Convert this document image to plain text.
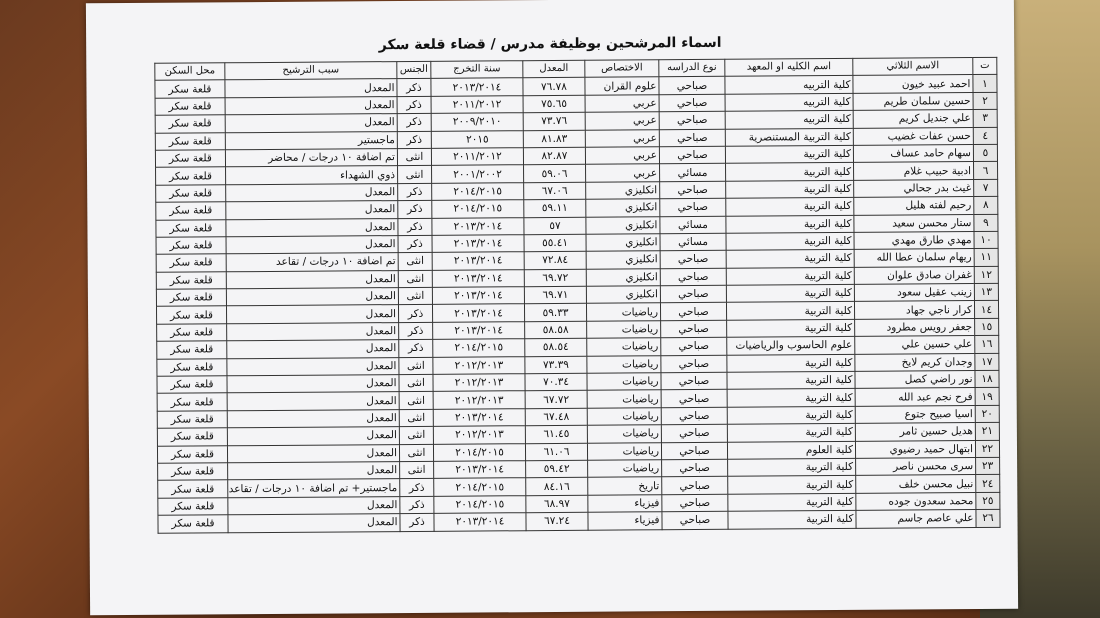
اسماء المرشحين بوظيفة مدرس / قضاء قلعة سكر
ت	الاسم الثلاثي	اسم الكليه او المعهد	نوع الدراسه	الاختصاص	المعدل	سنة التخرج	الجنس	سبب الترشيح	محل السكن
١	احمد عبيد خيون	كلية التربيه	صباحي	علوم القران	٧٦.٧٨	٢٠١٣/٢٠١٤	ذكر	المعدل	قلعة سكر
٢	حسين سلمان طريم	كلية التربيه	صباحي	عربي	٧٥.٦٥	٢٠١١/٢٠١٢	ذكر	المعدل	قلعة سكر
٣	علي جنديل كريم	كلية التربيه	صباحي	عربي	٧٣.٧٦	٢٠٠٩/٢٠١٠	ذكر	المعدل	قلعة سكر
٤	حسن عفات غضيب	كلية التربية المستنصرية	صباحي	عربي	٨١.٨٣	٢٠١٥	ذكر	ماجستير	قلعة سكر
٥	سهام حامد عساف	كلية التربية	صباحي	عربي	٨٢.٨٧	٢٠١١/٢٠١٢	انثى	تم اضافة ١٠ درجات / محاضر	قلعة سكر
٦	ادبية حبيب غلام	كلية التربية	مسائي	عربي	٥٩.٠٦	٢٠٠١/٢٠٠٢	انثى	ذوي الشهداء	قلعة سكر
٧	غيث بدر جحالي	كلية التربية	صباحي	انكليزي	٦٧.٠٦	٢٠١٤/٢٠١٥	ذكر	المعدل	قلعة سكر
٨	رحيم لفته هليل	كلية التربية	صباحي	انكليزي	٥٩.١١	٢٠١٤/٢٠١٥	ذكر	المعدل	قلعة سكر
٩	ستار محسن سعيد	كلية التربية	مسائي	انكليزي	٥٧	٢٠١٣/٢٠١٤	ذكر	المعدل	قلعة سكر
١٠	مهدي طارق مهدي	كلية التربية	مسائي	انكليزي	٥٥.٤١	٢٠١٣/٢٠١٤	ذكر	المعدل	قلعة سكر
١١	ريهام سلمان عطا الله	كلية التربية	صباحي	انكليزي	٧٢.٨٤	٢٠١٣/٢٠١٤	انثى	تم اضافة ١٠ درجات / تقاعد	قلعة سكر
١٢	غفران صادق علوان	كلية التربية	صباحي	انكليزي	٦٩.٧٢	٢٠١٣/٢٠١٤	انثى	المعدل	قلعة سكر
١٣	زينب عقيل سعود	كلية التربية	صباحي	انكليزي	٦٩.٧١	٢٠١٣/٢٠١٤	انثى	المعدل	قلعة سكر
١٤	كرار ناجي جهاد	كلية التربية	صباحي	رياضيات	٥٩.٣٣	٢٠١٣/٢٠١٤	ذكر	المعدل	قلعة سكر
١٥	جعفر رويس مطرود	كلية التربية	صباحي	رياضيات	٥٨.٥٨	٢٠١٣/٢٠١٤	ذكر	المعدل	قلعة سكر
١٦	علي حسين علي	علوم الحاسوب والرياضيات	صباحي	رياضيات	٥٨.٥٤	٢٠١٤/٢٠١٥	ذكر	المعدل	قلعة سكر
١٧	وجدان كريم لايخ	كلية التربية	صباحي	رياضيات	٧٣.٣٩	٢٠١٢/٢٠١٣	انثى	المعدل	قلعة سكر
١٨	نور راضي كصل	كلية التربية	صباحي	رياضيات	٧٠.٣٤	٢٠١٢/٢٠١٣	انثى	المعدل	قلعة سكر
١٩	فرح نجم عبد الله	كلية التربية	صباحي	رياضيات	٦٧.٧٢	٢٠١٢/٢٠١٣	انثى	المعدل	قلعة سكر
٢٠	اسيا صبيح جتوع	كلية التربية	صباحي	رياضيات	٦٧.٤٨	٢٠١٣/٢٠١٤	انثى	المعدل	قلعة سكر
٢١	هديل حسين ثامر	كلية التربية	صباحي	رياضيات	٦١.٤٥	٢٠١٢/٢٠١٣	انثى	المعدل	قلعة سكر
٢٢	ابتهال حميد رضيوي	كلية العلوم	صباحي	رياضيات	٦١.٠٦	٢٠١٤/٢٠١٥	انثى	المعدل	قلعة سكر
٢٣	سرى محسن ناصر	كلية التربية	صباحي	رياضيات	٥٩.٤٢	٢٠١٣/٢٠١٤	انثى	المعدل	قلعة سكر
٢٤	نبيل محسن خلف	كلية التربية	صباحي	تاريخ	٨٤.١٦	٢٠١٤/٢٠١٥	ذكر	ماجستير+ تم اضافة ١٠ درجات / تقاعد	قلعة سكر
٢٥	محمد سعدون جوده	كلية التربية	صباحي	فيزياء	٦٨.٩٧	٢٠١٤/٢٠١٥	ذكر	المعدل	قلعة سكر
٢٦	علي عاصم جاسم	كلية التربية	صباحي	فيزياء	٦٧.٢٤	٢٠١٣/٢٠١٤	ذكر	المعدل	قلعة سكر
